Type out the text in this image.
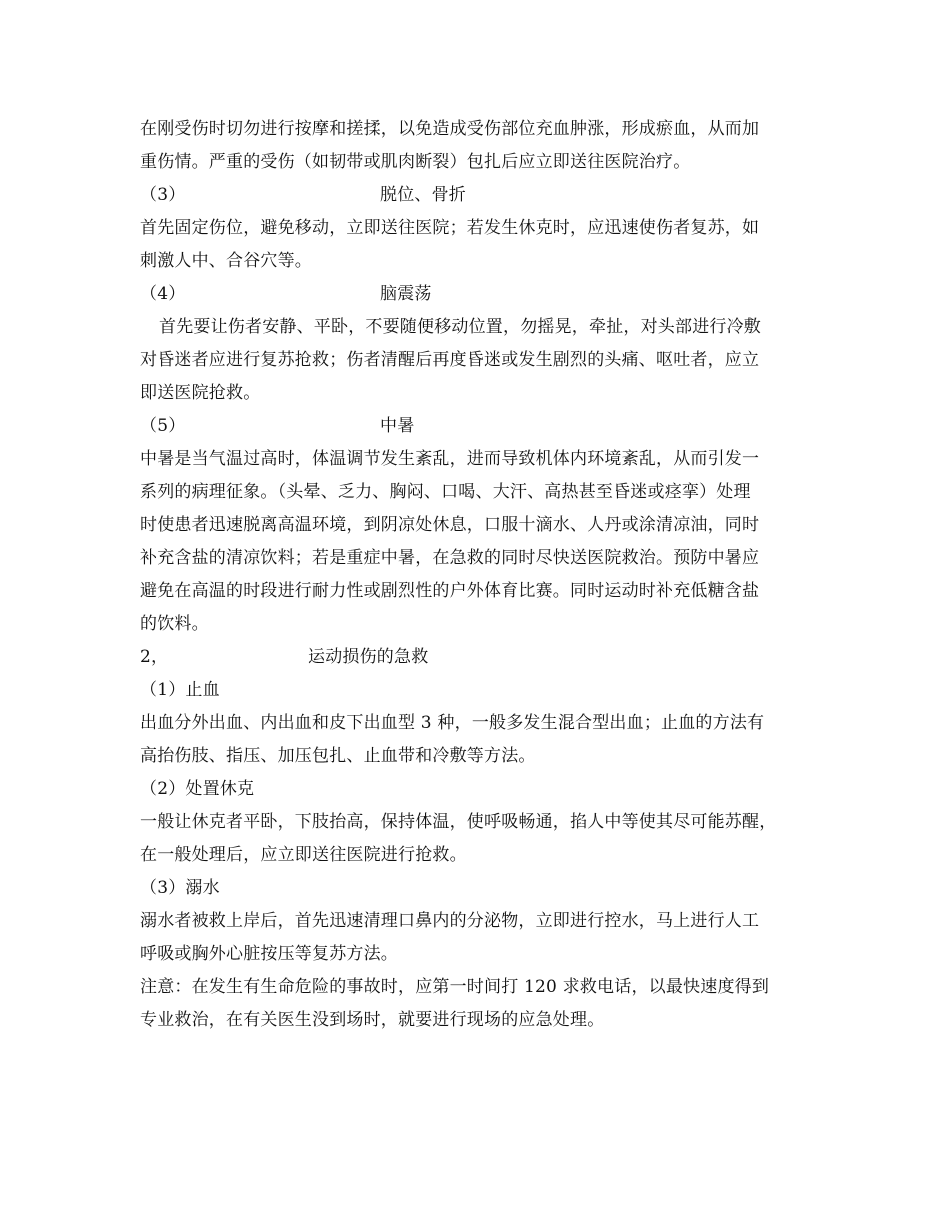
在刚受伤时切勿进行按摩和搓揉，以免造成受伤部位充血肿涨，形成瘀血，从而加
重伤情。严重的受伤（如韧带或肌肉断裂）包扎后应立即送往医院治疗。
（3）	脱位、骨折
首先固定伤位，避免移动，立即送往医院；若发生休克时，应迅速使伤者复苏，如
刺激人中、合谷穴等。
（4）	脑震荡
首先要让伤者安静、平卧，不要随便移动位置，勿摇晃，牵扯，对头部进行冷敷
对昏迷者应进行复苏抢救；伤者清醒后再度昏迷或发生剧烈的头痛、呕吐者，应立
即送医院抢救。
（5）	中暑
中暑是当气温过高时，体温调节发生紊乱，进而导致机体内环境紊乱，从而引发一
系列的病理征象。（头晕、乏力、胸闷、口喝、大汗、高热甚至昏迷或痉挛）处理
时使患者迅速脱离高温环境，到阴凉处休息，口服十滴水、人丹或涂清凉油，同时
补充含盐的清凉饮料；若是重症中暑，在急救的同时尽快送医院救治。预防中暑应
避免在高温的时段进行耐力性或剧烈性的户外体育比赛。同时运动时补充低糖含盐
的饮料。
2，	运动损伤的急救
（1）止血
出血分外出血、内出血和皮下出血型 3 种，一般多发生混合型出血；止血的方法有
高抬伤肢、指压、加压包扎、止血带和冷敷等方法。
（2）处置休克
一般让休克者平卧，下肢抬高，保持体温，使呼吸畅通，掐人中等使其尽可能苏醒，
在一般处理后，应立即送往医院进行抢救。
（3）溺水
溺水者被救上岸后，首先迅速清理口鼻内的分泌物，立即进行控水，马上进行人工
呼吸或胸外心脏按压等复苏方法。
注意：在发生有生命危险的事故时，应第一时间打 120 求救电话，以最快速度得到
专业救治，在有关医生没到场时，就要进行现场的应急处理。
